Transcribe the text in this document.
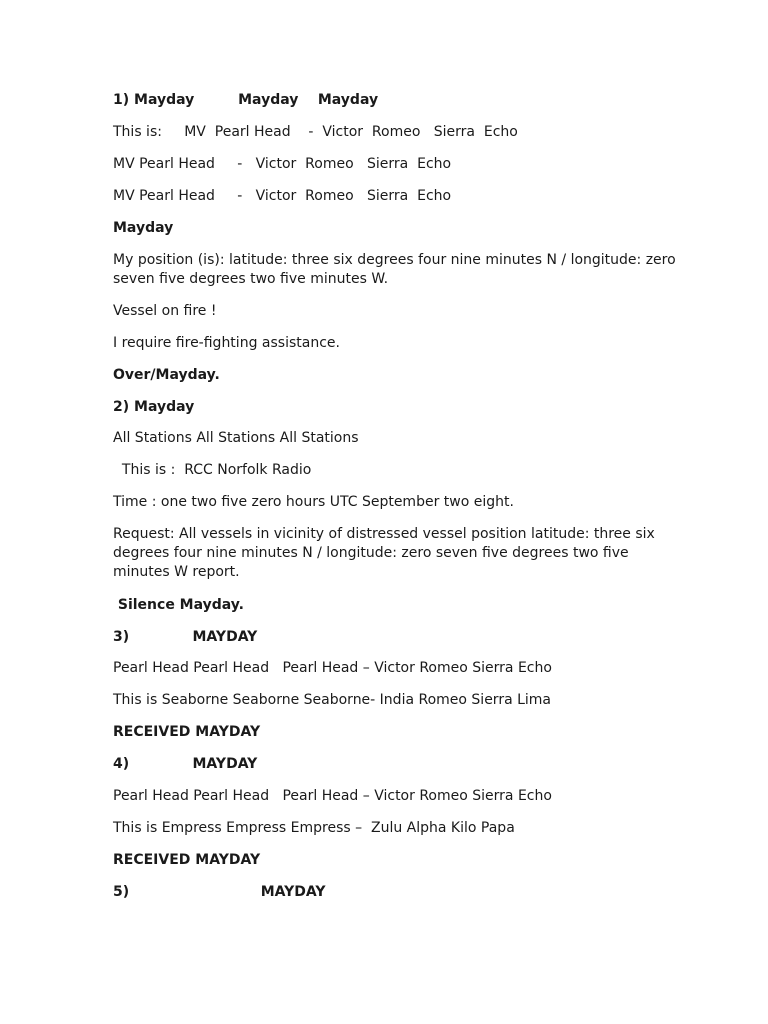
1) Mayday         Mayday    Mayday
This is:     MV  Pearl Head    -  Victor  Romeo   Sierra  Echo
MV Pearl Head     -   Victor  Romeo   Sierra  Echo
MV Pearl Head     -   Victor  Romeo   Sierra  Echo
Mayday
My position (is): latitude: three six degrees four nine minutes N / longitude: zero seven five degrees two five minutes W.
Vessel on fire !
I require fire-fighting assistance.
Over/Mayday.
2) Mayday
All Stations All Stations All Stations
This is :  RCC Norfolk Radio
Time : one two five zero hours UTC September two eight.
Request: All vessels in vicinity of distressed vessel position latitude: three six degrees four nine minutes N / longitude: zero seven five degrees two five minutes W report.
Silence Mayday.
3)             MAYDAY
Pearl Head Pearl Head   Pearl Head – Victor Romeo Sierra Echo
This is Seaborne Seaborne Seaborne- India Romeo Sierra Lima
RECEIVED MAYDAY
4)             MAYDAY
Pearl Head Pearl Head   Pearl Head – Victor Romeo Sierra Echo
This is Empress Empress Empress –  Zulu Alpha Kilo Papa
RECEIVED MAYDAY
5)                           MAYDAY
